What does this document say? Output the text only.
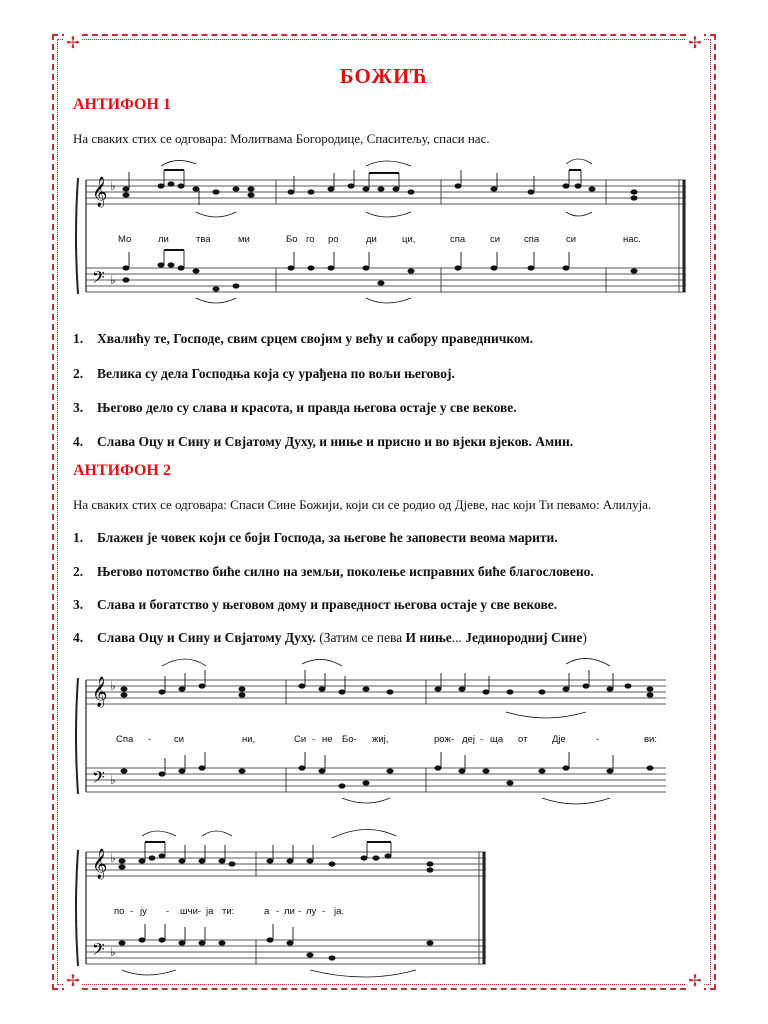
✢	✢
✢	✢
БОЖИЋ
АНТИФОН 1
На сваких стих се одговара: Молитвама Богородице, Спаситељу, спаси нас.
𝄞
𝄢
♭
♭
Мо	ли	тва	ми	Бо го ро	ди	ци,	спа	си	спа	си	нас.
1. Хвалићу те, Господе, свим срцем својим у већу и сабору праведничком.
2. Велика су дела Господња која су урађена по вољи његовој.
3. Његово дело су слава и красота, и правда његова остаје у све векове.
4. Слава Оцу и Сину и Свјатому Духу, и ниње и присно и во вјеки вјеков. Амин.
АНТИФОН 2
На сваких стих се одговара: Спаси Сине Божији, који си се родио од Дјеве, нас који Ти певамо: Алилуја.
1. Блажен је човек који се боји Господа, за његове ће заповести веома марити.
2. Његово потомство биће силно на земљи, поколење исправних биће благословено.
3. Слава и богатство у његовом дому и праведност његова остаје у све векове.
4. Слава Оцу и Сину и Свјатому Духу. (Затим се пева И ниње... Јединородниј Сине)
𝄞
𝄢
♭
♭
Спа - си	ни,	Си - не Бо- жиј,	рож- деј - ща от	Дје	-	ви:
𝄞
𝄢
♭
♭
по - ју - шчи- ја ти:	а - ли - лу - ја.
